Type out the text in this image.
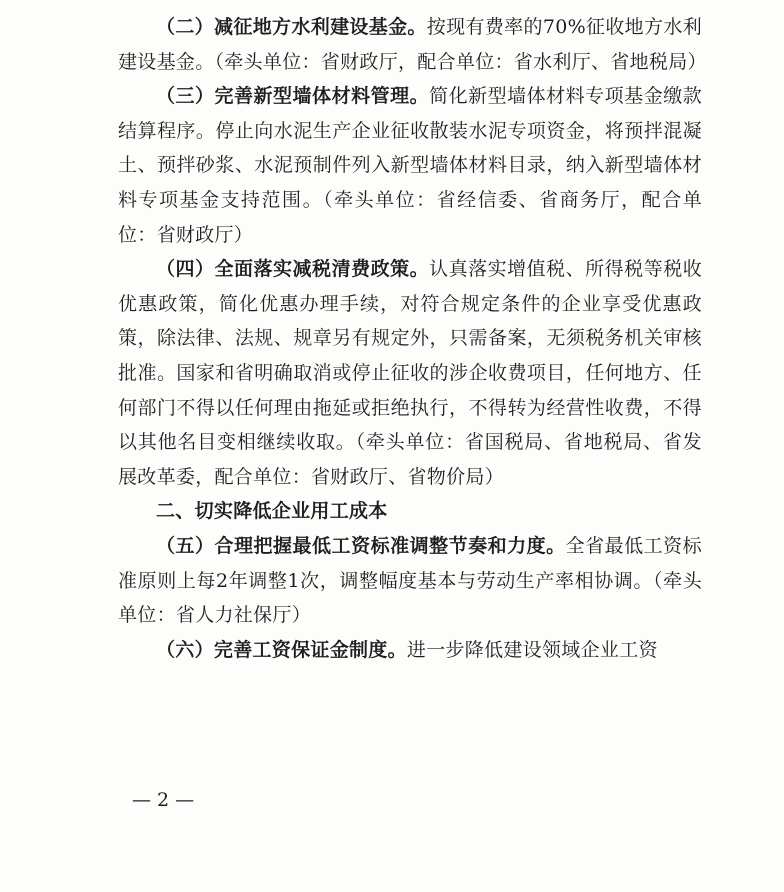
（二）减征地方水利建设基金。按现有费率的70%征收地方水利建设基金。（牵头单位：省财政厅，配合单位：省水利厅、省地税局）

（三）完善新型墙体材料管理。简化新型墙体材料专项基金缴款结算程序。停止向水泥生产企业征收散装水泥专项资金，将预拌混凝土、预拌砂浆、水泥预制件列入新型墙体材料目录，纳入新型墙体材料专项基金支持范围。（牵头单位：省经信委、省商务厅，配合单位：省财政厅）

（四）全面落实减税清费政策。认真落实增值税、所得税等税收优惠政策，简化优惠办理手续，对符合规定条件的企业享受优惠政策，除法律、法规、规章另有规定外，只需备案，无须税务机关审核批准。国家和省明确取消或停止征收的涉企收费项目，任何地方、任何部门不得以任何理由拖延或拒绝执行，不得转为经营性收费，不得以其他名目变相继续收取。（牵头单位：省国税局、省地税局、省发展改革委，配合单位：省财政厅、省物价局）

二、切实降低企业用工成本

（五）合理把握最低工资标准调整节奏和力度。全省最低工资标准原则上每2年调整1次，调整幅度基本与劳动生产率相协调。（牵头单位：省人力社保厅）

（六）完善工资保证金制度。进一步降低建设领域企业工资

— 2 —
